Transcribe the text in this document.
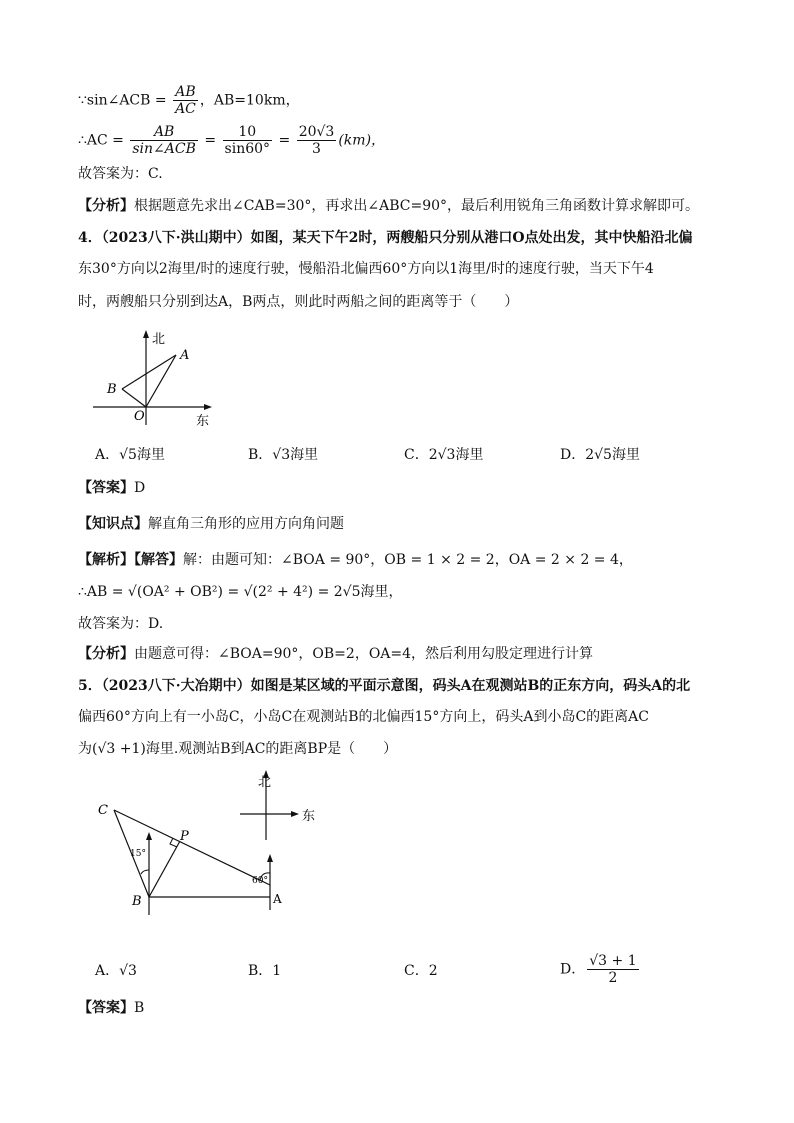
∵sin∠ACB = $\frac{AB}{AC}$ ，AB=10km，
∴AC = $\frac{AB}{\text{sin∠ACB}} = \frac{10}{\sin 60^\circ} = \frac{20√3}{3} (km)$，
故答案为：C.
【分析】根据题意先求出∠CAB=30°，再求出∠ABC=90°，最后利用锐角三角函数计算求解即可。
4．（2023八下·洪山期中）如图，某天下午2时，两艘船只分别从港口O点处出发，其中快船沿北偏
东30°方向以2海里/时的速度行驶，慢船沿北偏西60°方向以1海里/时的速度行驶，当天下午4
时，两艘船只分别到达A，B两点，则此时两船之间的距离等于（　　）
北
A
B
O	东
A．√5海里	B．√3海里	C．2√3海里	D．2√5海里
【答案】D
【知识点】解直角三角形的应用方向角问题
【解析】【解答】解：由题可知：∠BOA = 90°，OB = 1 × 2 = 2，OA = 2 × 2 = 4，
∴AB = √(OA² + OB²) = √(2² + 4²) = 2√5海里，
故答案为：D.
【分析】由题意可得：∠BOA=90°，OB=2，OA=4，然后利用勾股定理进行计算
5．（2023八下·大冶期中）如图是某区域的平面示意图，码头A在观测站B的正东方向，码头A的北
偏西60°方向上有一小岛C，小岛C在观测站B的北偏西15°方向上，码头A到小岛C的距离AC
为(√3 +1)海里.观测站B到AC的距离BP是（　　）
北
东
C
P
B	A
15°
60°
A．√3	B．1	C．2	D． $\frac{√3 + 1}{2}$
【答案】B
